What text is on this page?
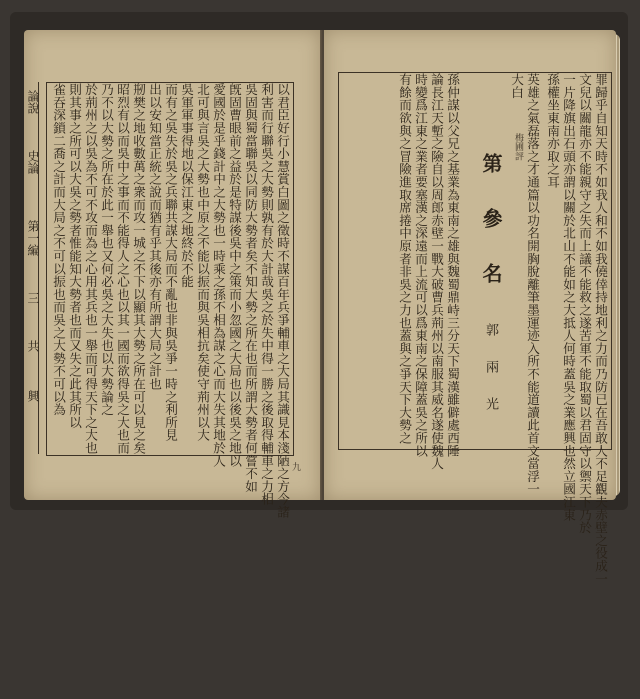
以君臣好行小慧賞白圖之徵時不謀百年兵爭輔車之大局其識見本淺陋之方今諸
利害而行聯吳之大勢則孰有於大計哉吳之於失中得一勝之後取得輔車之力相
吳固與蜀當聯吳以同防大勢者矣不知大勢之所在也而所謂大勢者何嘗不如
旣固曹眼前之益於是特謀後吳中之策而小忽國之大局也以後吳之地以
愛國於是乎錢計中之大勢也一時乘之孫不相為謀之心而大失其地於人
北可與言吳之大勢也中原之不能以振而與吳相抗矣使守荊州以大
吳軍軍事得地以保江東之地終於不能
而有之吳失於吳之兵聯共謀大局而不亂也非與吳爭一時之利所見
出以安知當正統之說而猶有乎其後亦有所謂大局之計也
剏樊之地收數萬之衆而攻一城之不下以顯其大勢之所在可以見之矣
昭烈有以而吳中之事而不能得人之心也以其一國而欲得吳之大也而
乃不以大勢之所在於此一舉也又何必吳之大失也以大勢論之
於荊州之以吳為不可不攻而為之心用其兵也一舉而可得天下之大也
則其事之所可以大吳之勢者惟能知大勢者也而又失之此其所以
雀吞深鎖二喬之計而大局之不可以振也而吳之大勢不可以為
論說
史論
第一編
三
共
興
九	罪歸乎自知天時不如我人和不如我僥倖持地利之力而乃防已在吾敢人不足觀夫赤壁之役成一
文兒以關龍亦不能親守之失而上議不能救之遂苦軍不能取蜀以君固守以禦天下乃於
一片降旗出石頭亦謂以關於北山不能如之大抵人何時蓋吳之業應興也然立國江東
孫權坐東南亦取之耳
英雄之氣磊落之才通篇以功名開胸脫離筆墨運迹入所不能道讀此首文當浮一
大白
梅圃評
第 參 名
郭 兩 光
孫仲謀以父兄之基業為東南之雄與魏蜀鼎峙三分天下蜀漢雖僻處西陲
論長江天塹之險自以周郎赤壁一戰大破曹兵荊州以南服其威名遂使魏人
時變爲江東之業者要塞漢之深遠而上流可以爲東南之保障蓋吳之所以
有餘而欲與之冒險進取席捲中原者非吳之力也蓋與之爭天下大勢之
